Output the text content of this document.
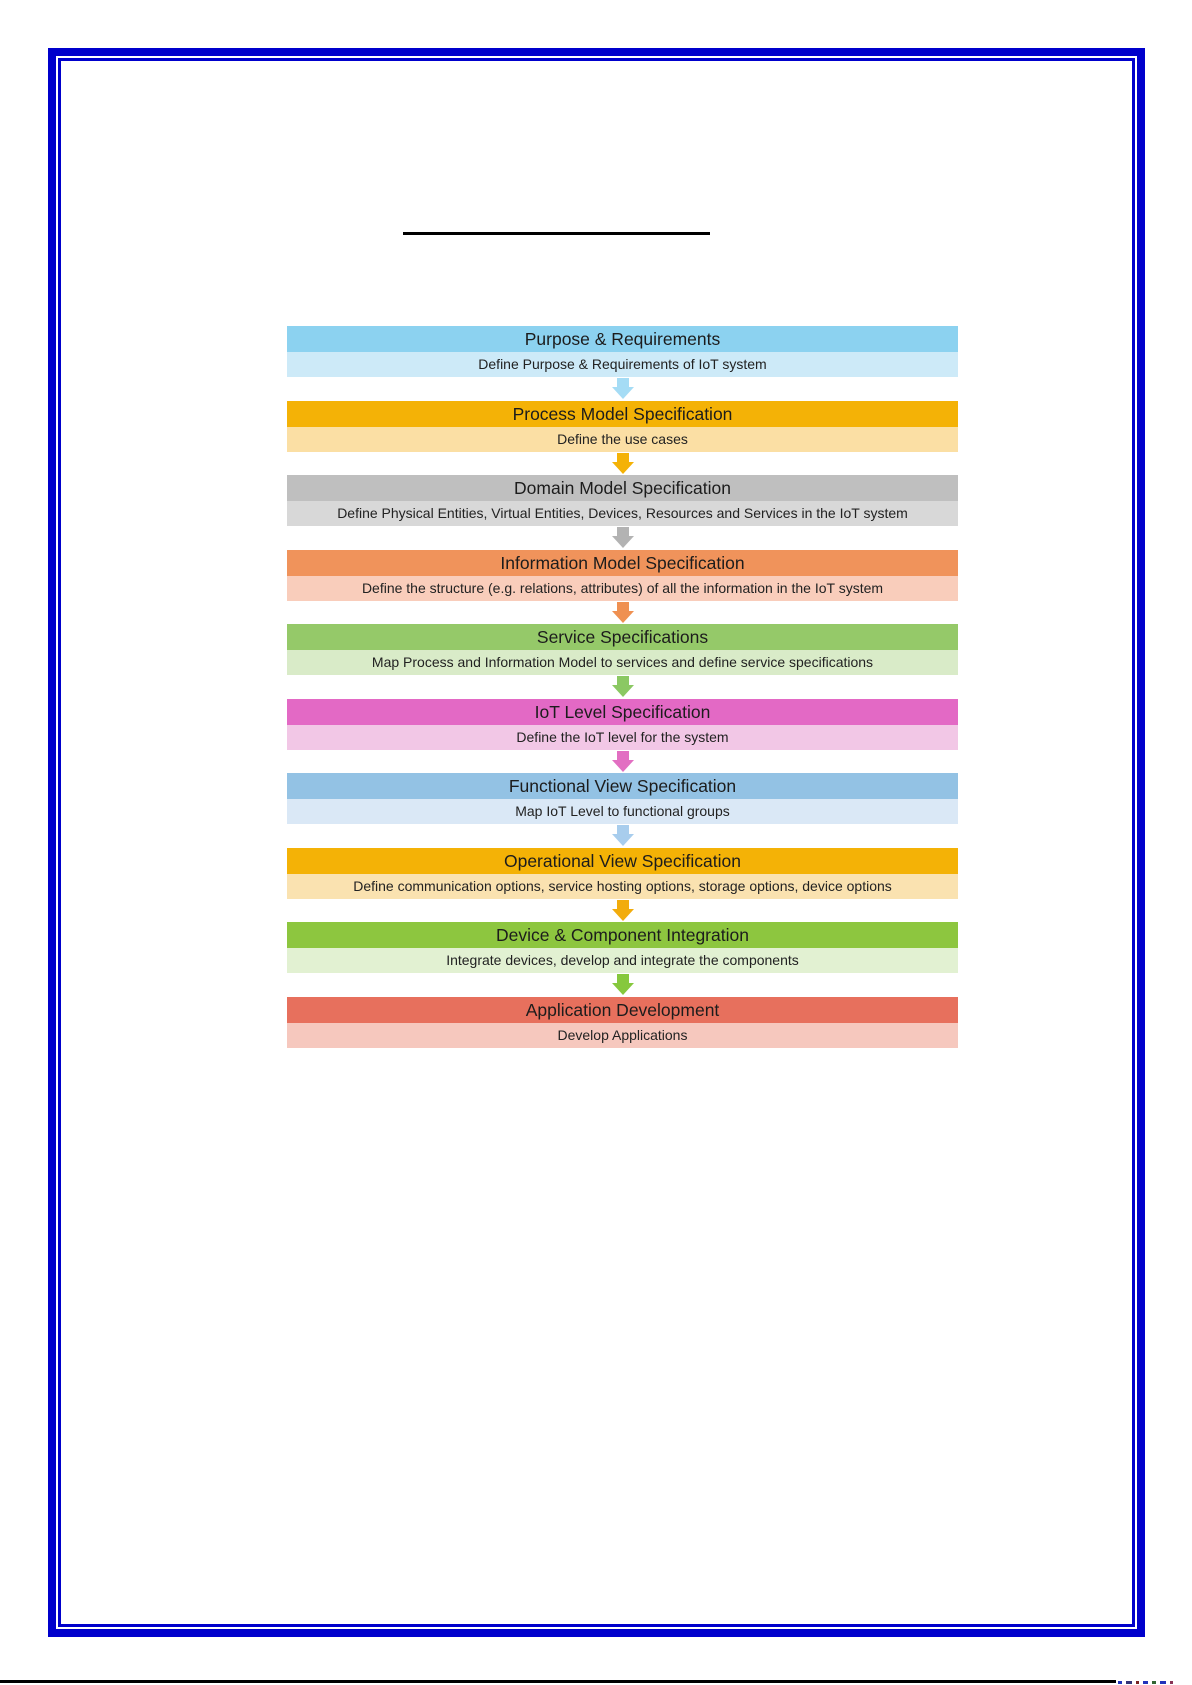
Purpose & Requirements
Define Purpose & Requirements of IoT system
Process Model Specification
Define the use cases
Domain Model Specification
Define Physical Entities, Virtual Entities, Devices, Resources and Services in the IoT system
Information Model Specification
Define the structure (e.g. relations, attributes) of all the information in the IoT system
Service Specifications
Map Process and Information Model to services and define service specifications
IoT Level Specification
Define the IoT level for the system
Functional View Specification
Map IoT Level to functional groups
Operational View Specification
Define communication options, service hosting options, storage options, device options
Device & Component Integration
Integrate devices, develop and integrate the components
Application Development
Develop Applications
